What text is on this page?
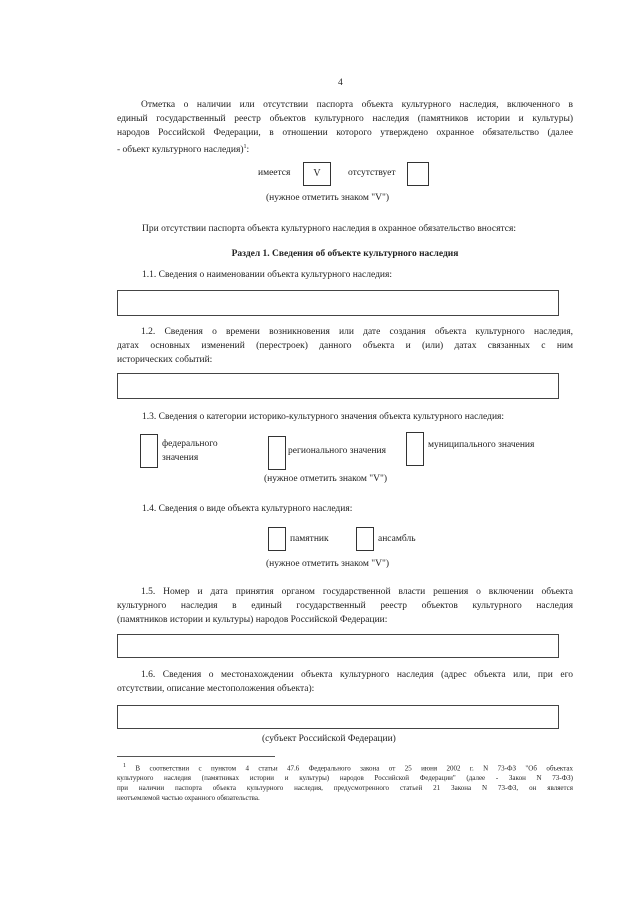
4
Отметка о наличии или отсутствии паспорта объекта культурного наследия, включенного в
единый государственный реестр объектов культурного наследия (памятников истории и культуры)
народов Российской Федерации, в отношении которого утверждено охранное обязательство (далее
- объект культурного наследия)$^1$:
имеется	V	отсутствует
(нужное отметить знаком "V")
При отсутствии паспорта объекта культурного наследия в охранное обязательство вносятся:
Раздел 1. Сведения об объекте культурного наследия
1.1. Сведения о наименовании объекта культурного наследия:
1.2. Сведения о времени возникновения или дате создания объекта культурного наследия,
датах основных изменений (перестроек) данного объекта и (или) датах связанных с ним
исторических событий:
1.3. Сведения о категории историко-культурного значения объекта культурного наследия:
федерального
значения
регионального значения
муниципального значения
(нужное отметить знаком "V")
1.4. Сведения о виде объекта культурного наследия:
памятник	ансамбль
(нужное отметить знаком "V")
1.5. Номер и дата принятия органом государственной власти решения о включении объекта
культурного наследия в единый государственный реестр объектов культурного наследия
(памятников истории и культуры) народов Российской Федерации:
1.6. Сведения о местонахождении объекта культурного наследия (адрес объекта или, при его
отсутствии, описание местоположения объекта):
(субъект Российской Федерации)
$^1$ В соответствии с пунктом 4 статьи 47.6 Федерального закона от 25 июня 2002 г. N 73-ФЗ "Об объектах
культурного наследия (памятниках истории и культуры) народов Российской Федерации" (далее - Закон N 73-ФЗ)
при наличии паспорта объекта культурного наследия, предусмотренного статьей 21 Закона N 73-ФЗ, он является
неотъемлемой частью охранного обязательства.
